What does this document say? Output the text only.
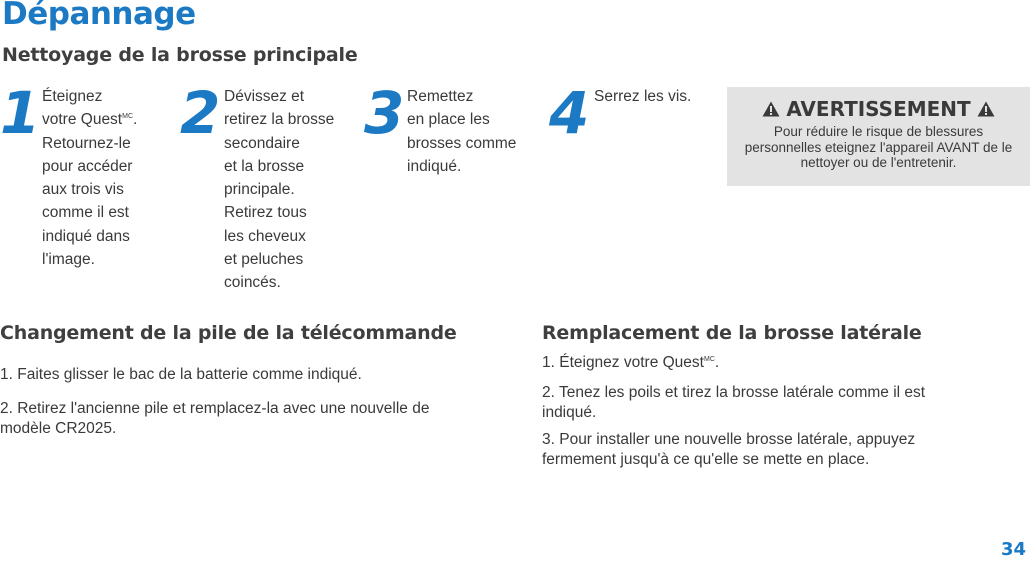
Dépannage
Nettoyage de la brosse principale
1 Éteignez
votre Quest$^{MC}$.
Retournez-le
pour accéder
aux trois vis
comme il est
indiqué dans
l'image.
2 Dévissez et
retirez la brosse
secondaire
et la brosse
principale.
Retirez tous
les cheveux
et peluches
coincés.
3 Remettez
en place les
brosses comme
indiqué.
4 Serrez les vis.
AVERTISSEMENT
Pour réduire le risque de blessures personnelles eteignez l'appareil AVANT de le nettoyer ou de l'entretenir.
Changement de la pile de la télécommande
1. Faites glisser le bac de la batterie comme indiqué.
2. Retirez l'ancienne pile et remplacez-la avec une nouvelle de modèle CR2025.
Remplacement de la brosse latérale
1. Éteignez votre Quest$^{MC}$.
2. Tenez les poils et tirez la brosse latérale comme il est indiqué.
3. Pour installer une nouvelle brosse latérale, appuyez fermement jusqu'à ce qu'elle se mette en place.
34
